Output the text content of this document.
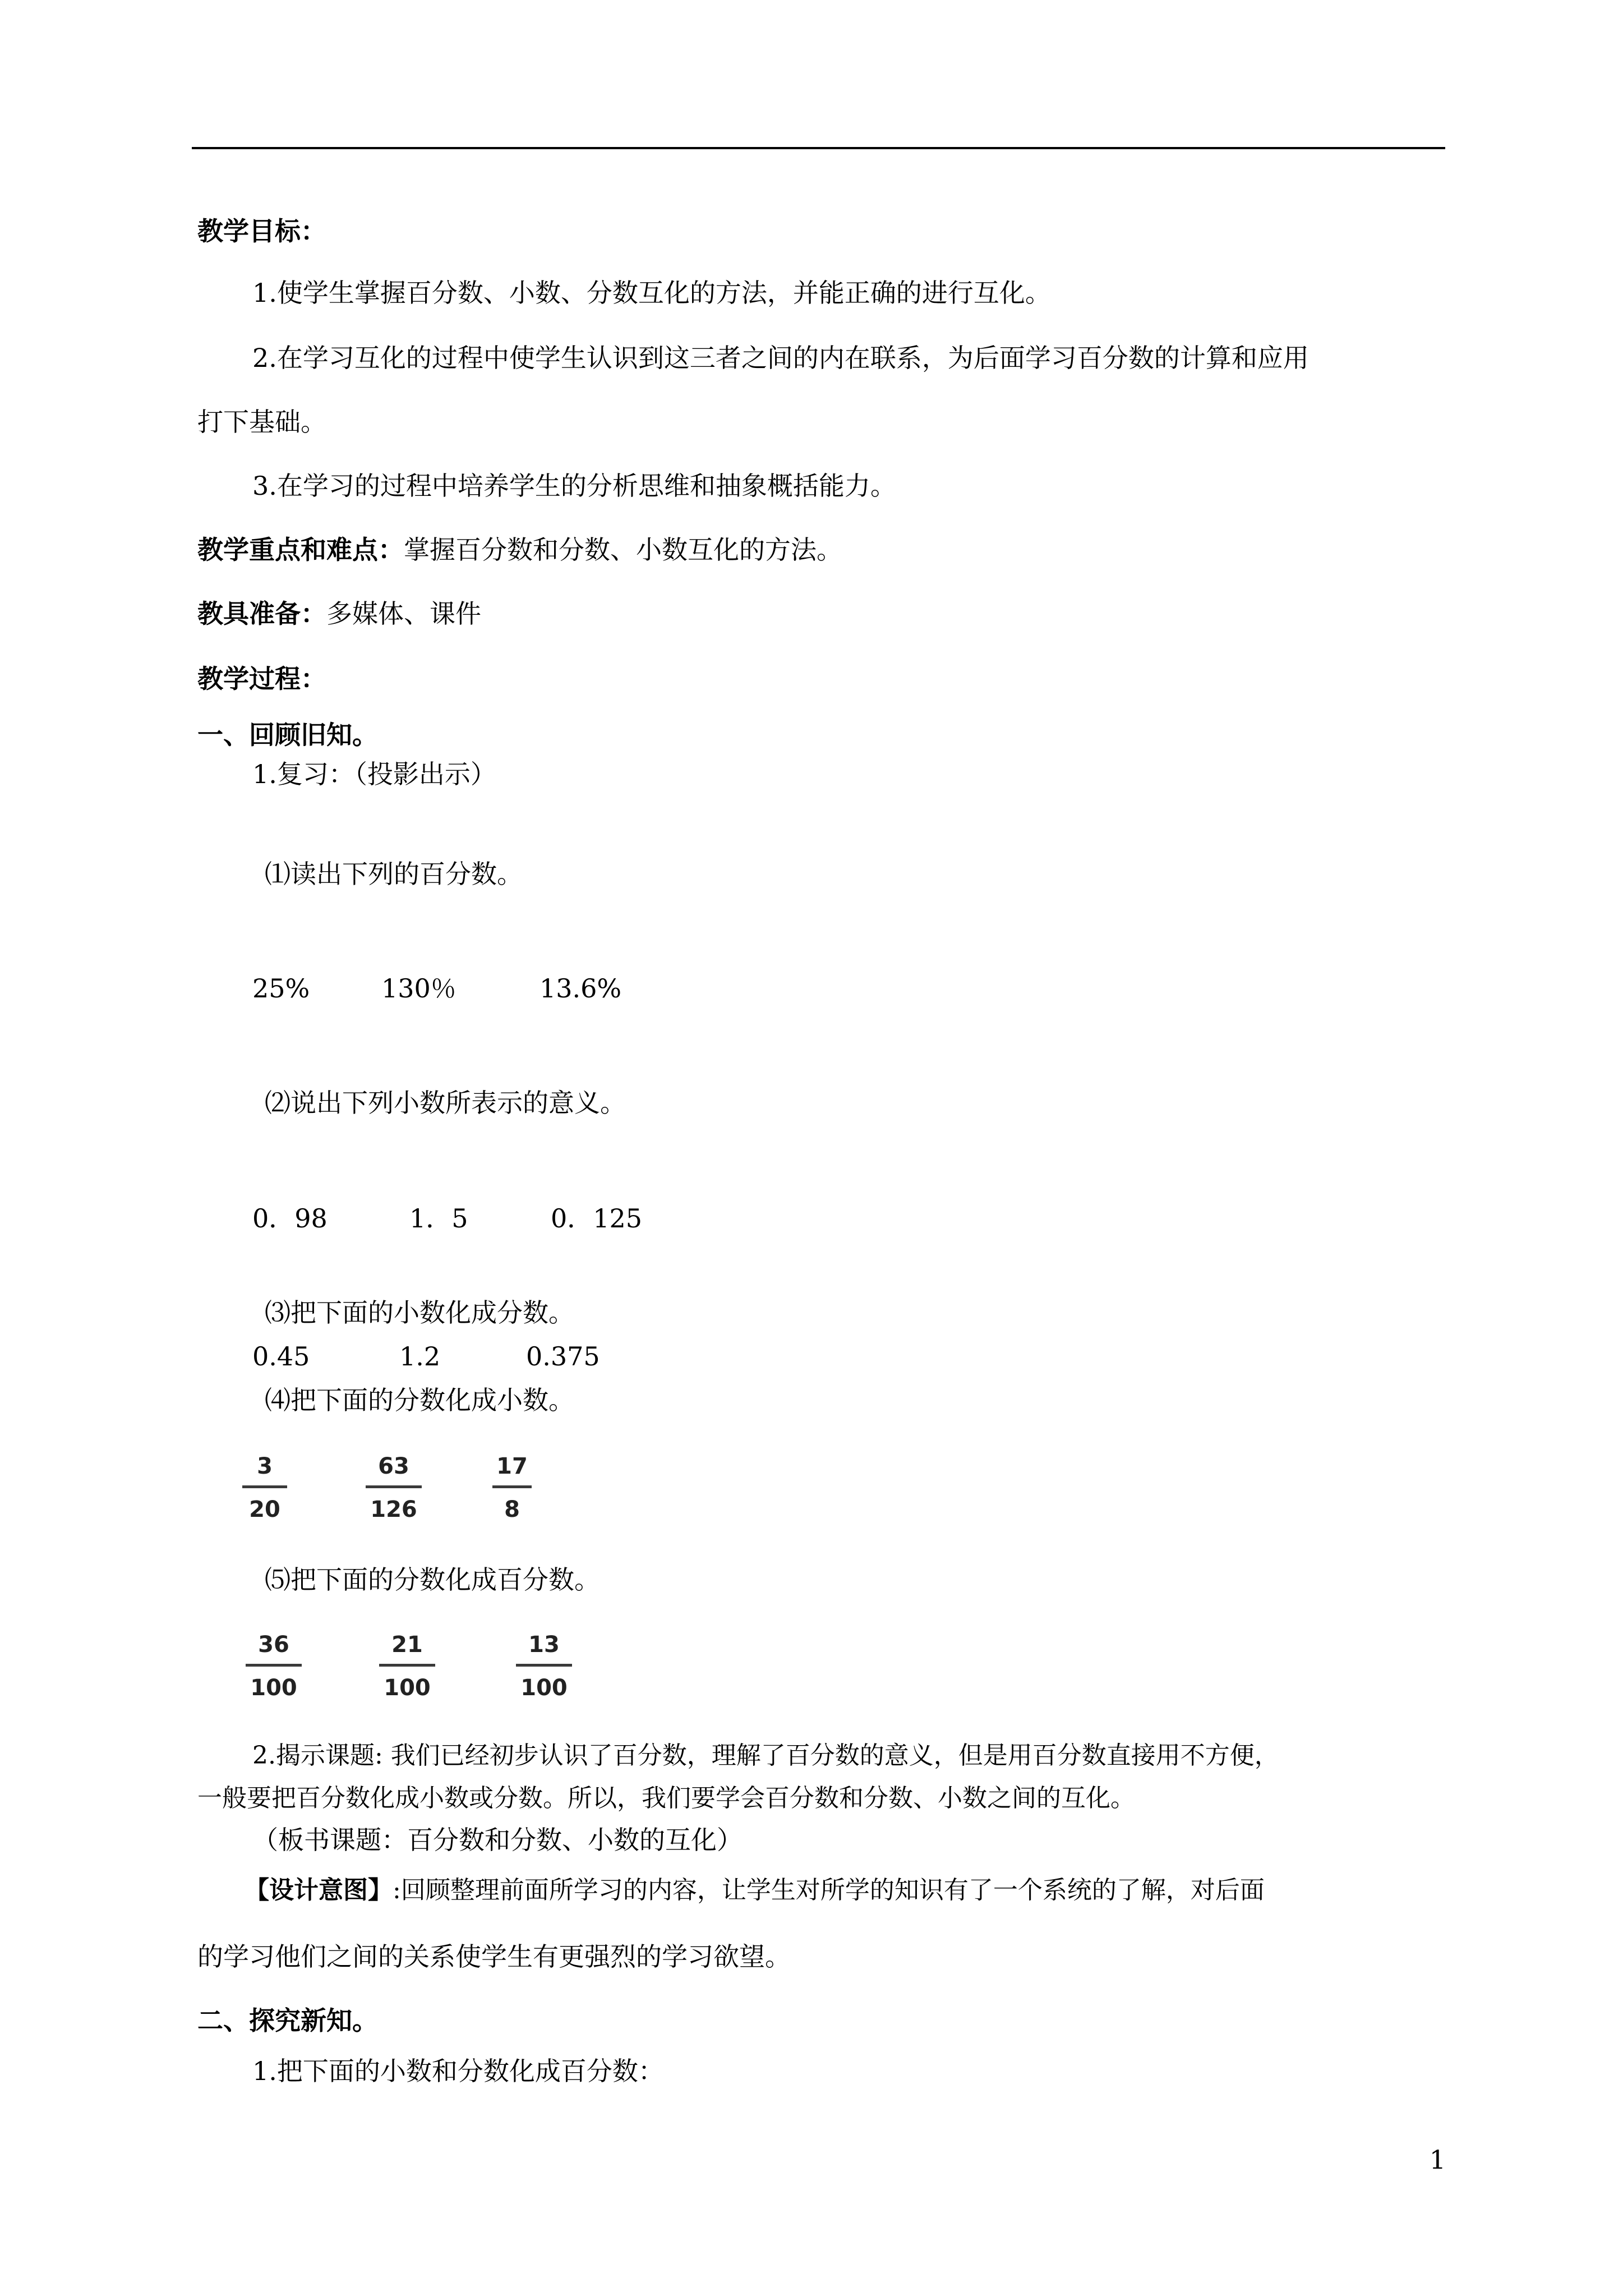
教学目标：
1.使学生掌握百分数、小数、分数互化的方法，并能正确的进行互化。
2.在学习互化的过程中使学生认识到这三者之间的内在联系，为后面学习百分数的计算和应用
打下基础。
3.在学习的过程中培养学生的分析思维和抽象概括能力。
教学重点和难点：掌握百分数和分数、小数互化的方法。
教具准备：多媒体、课件
教学过程：
一、回顾旧知。
1.复习：（投影出示）
⑴读出下列的百分数。
25%	130％	13.6%
⑵说出下列小数所表示的意义。
0．98	1．5	0．125
⑶把下面的小数化成分数。
0.45	1.2	0.375
⑷把下面的分数化成小数。
3
20
63
126
17
8
⑸把下面的分数化成百分数。
36
100
21
100
13
100
2.揭示课题: 我们已经初步认识了百分数，理解了百分数的意义，但是用百分数直接用不方便，
一般要把百分数化成小数或分数。所以，我们要学会百分数和分数、小数之间的互化。
（板书课题：百分数和分数、小数的互化）
【设计意图】:回顾整理前面所学习的内容，让学生对所学的知识有了一个系统的了解，对后面
的学习他们之间的关系使学生有更强烈的学习欲望。
二、探究新知。
1.把下面的小数和分数化成百分数：
1
